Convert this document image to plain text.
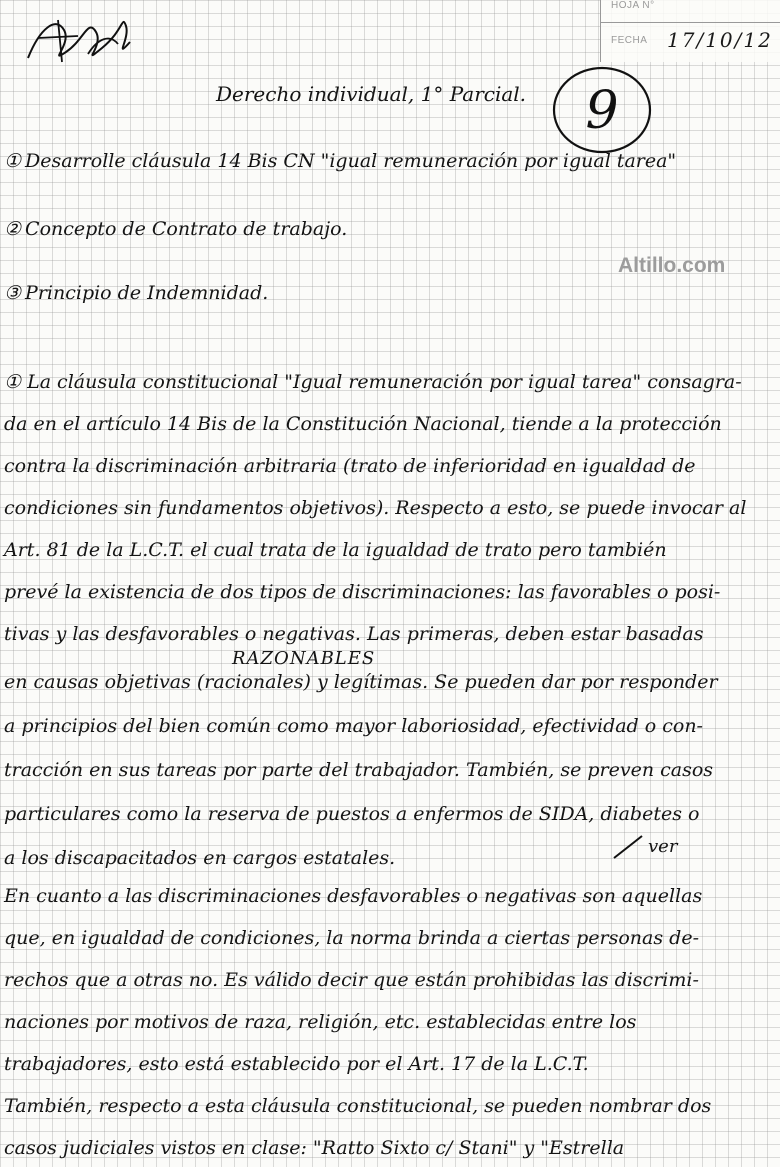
HOJA N°
FECHA 17/10/12
9
Altillo.com
Derecho individual, 1° Parcial.
① Desarrolle cláusula 14 Bis CN "igual remuneración por igual tarea"
② Concepto de Contrato de trabajo.
③ Principio de Indemnidad.
① La cláusula constitucional "Igual remuneración por igual tarea" consagra-
da en el artículo 14 Bis de la Constitución Nacional, tiende a la protección
contra la discriminación arbitraria (trato de inferioridad en igualdad de
condiciones sin fundamentos objetivos). Respecto a esto, se puede invocar al
Art. 81 de la L.C.T. el cual trata de la igualdad de trato pero también
prevé la existencia de dos tipos de discriminaciones: las favorables o posi-
tivas y las desfavorables o negativas. Las primeras, deben estar basadas
RAZONABLES
en causas objetivas (racionales) y legítimas. Se pueden dar por responder
a principios del bien común como mayor laboriosidad, efectividad o con-
tracción en sus tareas por parte del trabajador. También, se preven casos
particulares como la reserva de puestos a enfermos de SIDA, diabetes o
a los discapacitados en cargos estatales.
ver
En cuanto a las discriminaciones desfavorables o negativas son aquellas
que, en igualdad de condiciones, la norma brinda a ciertas personas de-
rechos que a otras no. Es válido decir que están prohibidas las discrimi-
naciones por motivos de raza, religión, etc. establecidas entre los
trabajadores, esto está establecido por el Art. 17 de la L.C.T.
También, respecto a esta cláusula constitucional, se pueden nombrar dos
casos judiciales vistos en clase: "Ratto Sixto c/ Stani" y "Estrella
